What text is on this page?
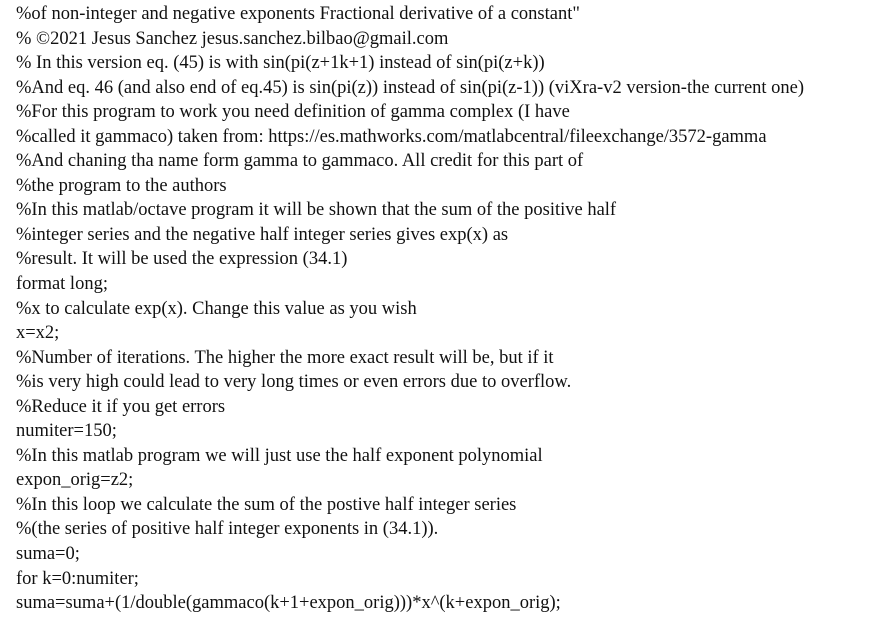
%of non-integer and negative exponents Fractional derivative of a constant"
% ©2021 Jesus Sanchez jesus.sanchez.bilbao@gmail.com
% In this version eq. (45) is with sin(pi(z+1k+1) instead of sin(pi(z+k))
%And eq. 46 (and also end of eq.45) is sin(pi(z)) instead of sin(pi(z-1)) (viXra-v2 version-the current one)
%For this program to work you need definition of gamma complex (I have
%called it gammaco) taken from: https://es.mathworks.com/matlabcentral/fileexchange/3572-gamma
%And chaning tha name form gamma to gammaco. All credit for this part of
%the program to the authors
%In this matlab/octave program it will be shown that the sum of the positive half
%integer series and the negative half integer series gives exp(x) as
%result. It will be used the expression (34.1)
format long;
%x to calculate exp(x). Change this value as you wish
x=x2;
%Number of iterations. The higher the more exact result will be, but if it
%is very high could lead to very long times or even errors due to overflow.
%Reduce it if you get errors
numiter=150;
%In this matlab program we will just use the half exponent polynomial
expon_orig=z2;
%In this loop we calculate the sum of the postive half integer series
%(the series of positive half integer exponents in (34.1)).
suma=0;
for k=0:numiter;
suma=suma+(1/double(gammaco(k+1+expon_orig)))*x^(k+expon_orig);
